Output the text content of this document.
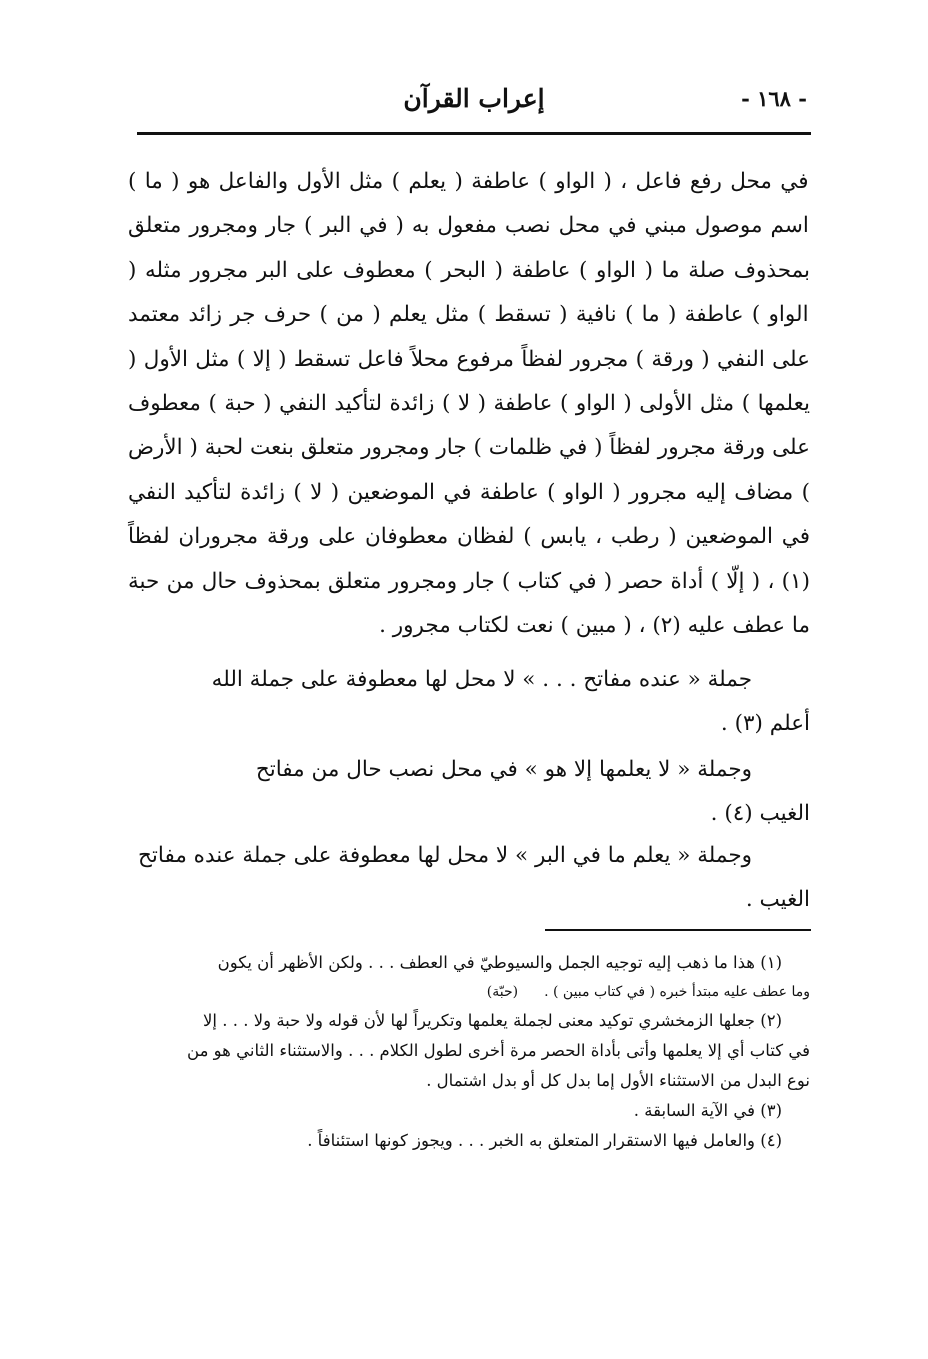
إعراب القرآن	- ١٦٨ -

في محل رفع فاعل ، ( الواو ) عاطفة ( يعلم ) مثل الأول والفاعل هو ( ما ) اسم موصول مبني في محل نصب مفعول به ( في البر ) جار ومجرور متعلق بمحذوف صلة ما ( الواو ) عاطفة ( البحر ) معطوف على البر مجرور مثله ( الواو ) عاطفة ( ما ) نافية ( تسقط ) مثل يعلم ( من ) حرف جر زائد معتمد على النفي ( ورقة ) مجرور لفظاً مرفوع محلاً فاعل تسقط ( إلا ) مثل الأول ( يعلمها ) مثل الأولى ( الواو ) عاطفة ( لا ) زائدة لتأكيد النفي ( حبة ) معطوف على ورقة مجرور لفظاً ( في ظلمات ) جار ومجرور متعلق بنعت لحبة ( الأرض ) مضاف إليه مجرور ( الواو ) عاطفة في الموضعين ( لا ) زائدة لتأكيد النفي في الموضعين ( رطب ، يابس ) لفظان معطوفان على ورقة مجروران لفظاً (١) ، ( إلّا ) أداة حصر ( في كتاب ) جار ومجرور متعلق بمحذوف حال من حبة ما عطف عليه (٢) ، ( مبين ) نعت لكتاب مجرور .

جملة « عنده مفاتح . . . » لا محل لها معطوفة على جملة الله
أعلم (٣) .
وجملة « لا يعلمها إلا هو » في محل نصب حال من مفاتح
الغيب (٤) .
وجملة « يعلم ما في البر » لا محل لها معطوفة على جملة عنده مفاتح
الغيب .

(١) هذا ما ذهب إليه توجيه الجمل والسيوطيّ في العطف . . . ولكن الأظهر أن يكون
وما عطف عليه مبتدأ خبره ( في كتاب مبين ) .(حبّة)

(٢) جعلها الزمخشري توكيد معنى لجملة يعلمها وتكريراً لها لأن قوله ولا حبة ولا . . . إلا
في كتاب أي إلا يعلمها وأتى بأداة الحصر مرة أخرى لطول الكلام . . . والاستثناء الثاني هو من
نوع البدل من الاستثناء الأول إما بدل كل أو بدل اشتمال .

(٣) في الآية السابقة .

(٤) والعامل فيها الاستقرار المتعلق به الخبر . . . ويجوز كونها استئنافاً .
